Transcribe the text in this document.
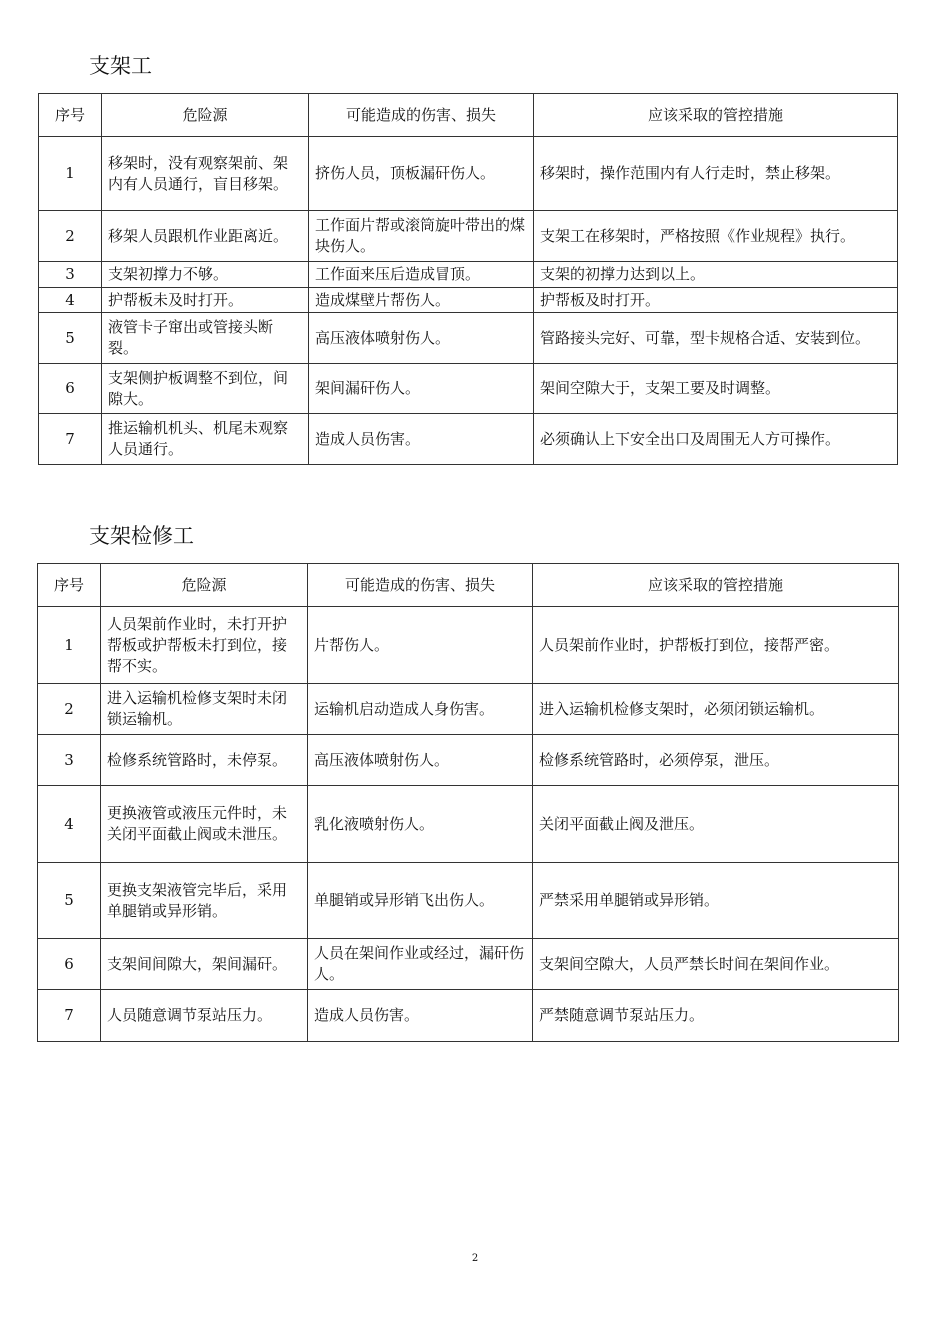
支架工
序号	危险源	可能造成的伤害、损失	应该采取的管控措施
1	移架时，没有观察架前、架内有人员通行，盲目移架。	挤伤人员，顶板漏矸伤人。	移架时，操作范围内有人行走时，禁止移架。
2	移架人员跟机作业距离近。	工作面片帮或滚筒旋叶带出的煤块伤人。	支架工在移架时，严格按照《作业规程》执行。
3	支架初撑力不够。	工作面来压后造成冒顶。	支架的初撑力达到以上。
4	护帮板未及时打开。	造成煤壁片帮伤人。	护帮板及时打开。
5	液管卡子窜出或管接头断裂。	高压液体喷射伤人。	管路接头完好、可靠，型卡规格合适、安装到位。
6	支架侧护板调整不到位，间隙大。	架间漏矸伤人。	架间空隙大于，支架工要及时调整。
7	推运输机机头、机尾未观察人员通行。	造成人员伤害。	必须确认上下安全出口及周围无人方可操作。
支架检修工
序号	危险源	可能造成的伤害、损失	应该采取的管控措施
1	人员架前作业时，未打开护帮板或护帮板未打到位，接帮不实。	片帮伤人。	人员架前作业时，护帮板打到位，接帮严密。
2	进入运输机检修支架时未闭锁运输机。	运输机启动造成人身伤害。	进入运输机检修支架时，必须闭锁运输机。
3	检修系统管路时，未停泵。	高压液体喷射伤人。	检修系统管路时，必须停泵，泄压。
4	更换液管或液压元件时，未关闭平面截止阀或未泄压。	乳化液喷射伤人。	关闭平面截止阀及泄压。
5	更换支架液管完毕后，采用单腿销或异形销。	单腿销或异形销飞出伤人。	严禁采用单腿销或异形销。
6	支架间间隙大，架间漏矸。	人员在架间作业或经过，漏矸伤人。	支架间空隙大，人员严禁长时间在架间作业。
7	人员随意调节泵站压力。	造成人员伤害。	严禁随意调节泵站压力。
2
